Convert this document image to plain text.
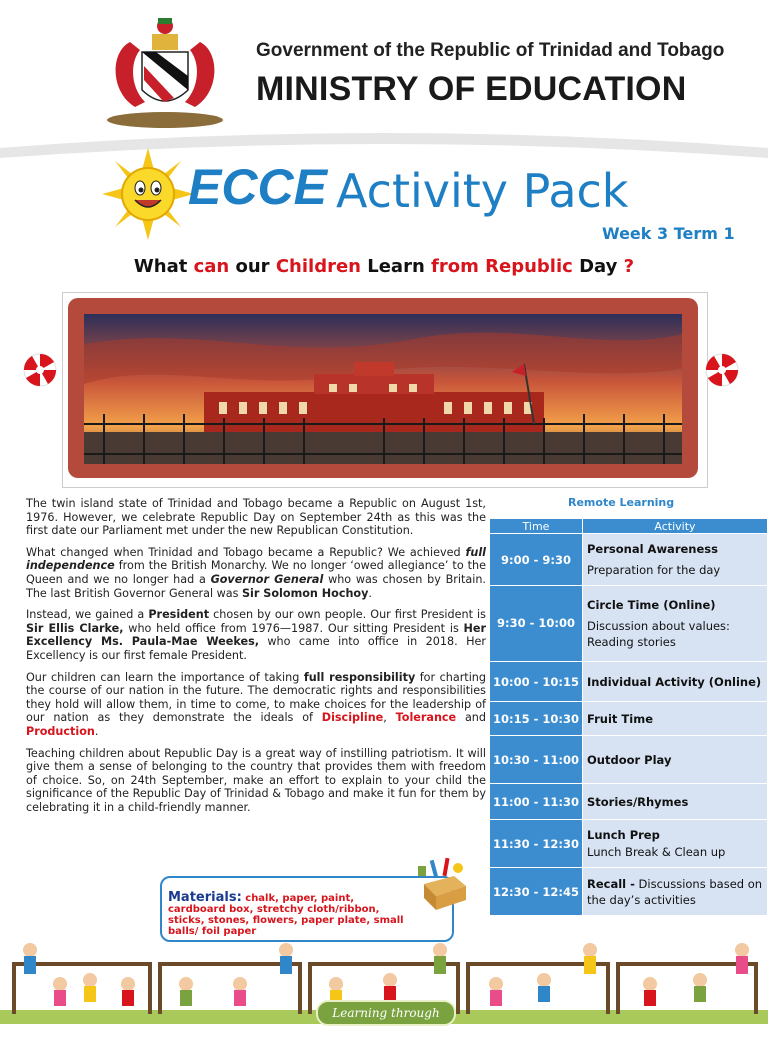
Government of the Republic of Trinidad and Tobago
MINISTRY OF EDUCATION
ECCE Activity Pack
Week 3 Term 1
What can our Children Learn from Republic Day ?

The twin island state of Trinidad and Tobago became a Republic on August 1st, 1976. However, we celebrate Republic Day on September 24th as this was the first date our Parliament met under the new Republican Constitution.

What changed when Trinidad and Tobago became a Republic? We achieved full independence from the British Monarchy. We no longer ‘owed allegiance’ to the Queen and we no longer had a Governor General who was chosen by Britain. The last British Governor General was Sir Solomon Hochoy.

Instead, we gained a President chosen by our own people. Our first President is Sir Ellis Clarke, who held office from 1976—1987. Our sitting President is Her Excellency Ms. Paula-Mae Weekes, who came into office in 2018. Her Excellency is our first female President.

Our children can learn the importance of taking full responsibility for charting the course of our nation in the future. The democratic rights and responsibilities they hold will allow them, in time to come, to make choices for the leadership of our nation as they demonstrate the ideals of Discipline, Tolerance and Production.

Teaching children about Republic Day is a great way of instilling patriotism. It will give them a sense of belonging to the country that provides them with freedom of choice. So, on 24th September, make an effort to explain to your child the significance of the Republic Day of Trinidad & Tobago and make it fun for them by celebrating it in a child-friendly manner.

Remote Learning
Time	Activity
9:00 - 9:30	Personal Awareness
Preparation for the day

9:30 - 10:00	Circle Time (Online)
Discussion about values: Reading stories

10:00 - 10:15	Individual Activity (Online)

10:15 - 10:30	Fruit Time

10:30 - 11:00	Outdoor Play

11:00 - 11:30	Stories/Rhymes

11:30 - 12:30	Lunch Prep
Lunch Break & Clean up

12:30 - 12:45	Recall - Discussions based on the day’s activities
Materials: chalk, paper, paint, cardboard box, stretchy cloth/ribbon, sticks, stones, flowers, paper plate, small balls/ foil paper
Learning through Play
